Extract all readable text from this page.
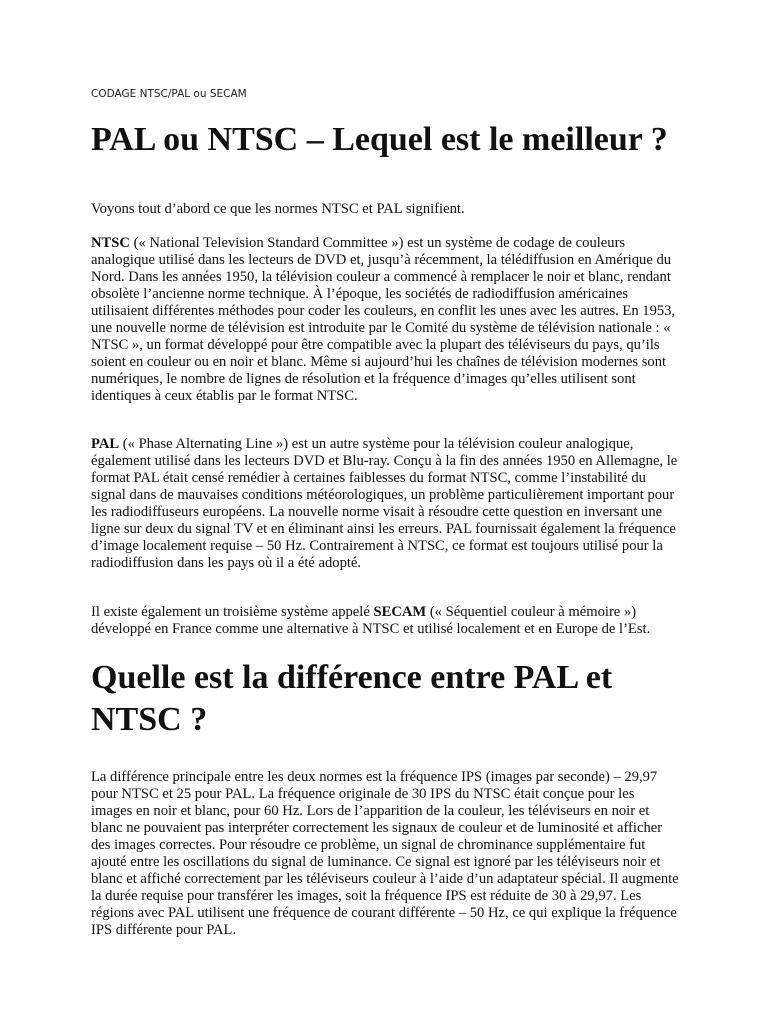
CODAGE NTSC/PAL ou SECAM
PAL ou NTSC – Lequel est le meilleur ?

Voyons tout d’abord ce que les normes NTSC et PAL signifient.

NTSC (« National Television Standard Committee ») est un système de codage de couleurs analogique utilisé dans les lecteurs de DVD et, jusqu’à récemment, la télédiffusion en Amérique du Nord. Dans les années 1950, la télévision couleur a commencé à remplacer le noir et blanc, rendant obsolète l’ancienne norme technique. À l’époque, les sociétés de radiodiffusion américaines utilisaient différentes méthodes pour coder les couleurs, en conflit les unes avec les autres. En 1953, une nouvelle norme de télévision est introduite par le Comité du système de télévision nationale : « NTSC », un format développé pour être compatible avec la plupart des téléviseurs du pays, qu’ils soient en couleur ou en noir et blanc. Même si aujourd’hui les chaînes de télévision modernes sont numériques, le nombre de lignes de résolution et la fréquence d’images qu’elles utilisent sont identiques à ceux établis par le format NTSC.

PAL (« Phase Alternating Line ») est un autre système pour la télévision couleur analogique, également utilisé dans les lecteurs DVD et Blu-ray. Conçu à la fin des années 1950 en Allemagne, le format PAL était censé remédier à certaines faiblesses du format NTSC, comme l’instabilité du signal dans de mauvaises conditions météorologiques, un problème particulièrement important pour les radiodiffuseurs européens. La nouvelle norme visait à résoudre cette question en inversant une ligne sur deux du signal TV et en éliminant ainsi les erreurs. PAL fournissait également la fréquence d’image localement requise – 50 Hz. Contrairement à NTSC, ce format est toujours utilisé pour la radiodiffusion dans les pays où il a été adopté.

Il existe également un troisième système appelé SECAM (« Séquentiel couleur à mémoire ») développé en France comme une alternative à NTSC et utilisé localement et en Europe de l’Est.

Quelle est la différence entre PAL et NTSC ?

La différence principale entre les deux normes est la fréquence IPS (images par seconde) – 29,97 pour NTSC et 25 pour PAL. La fréquence originale de 30 IPS du NTSC était conçue pour les images en noir et blanc, pour 60 Hz. Lors de l’apparition de la couleur, les téléviseurs en noir et blanc ne pouvaient pas interpréter correctement les signaux de couleur et de luminosité et afficher des images correctes. Pour résoudre ce problème, un signal de chrominance supplémentaire fut ajouté entre les oscillations du signal de luminance. Ce signal est ignoré par les téléviseurs noir et blanc et affiché correctement par les téléviseurs couleur à l’aide d’un adaptateur spécial. Il augmente la durée requise pour transférer les images, soit la fréquence IPS est réduite de 30 à 29,97. Les régions avec PAL utilisent une fréquence de courant différente – 50 Hz, ce qui explique la fréquence IPS différente pour PAL.
